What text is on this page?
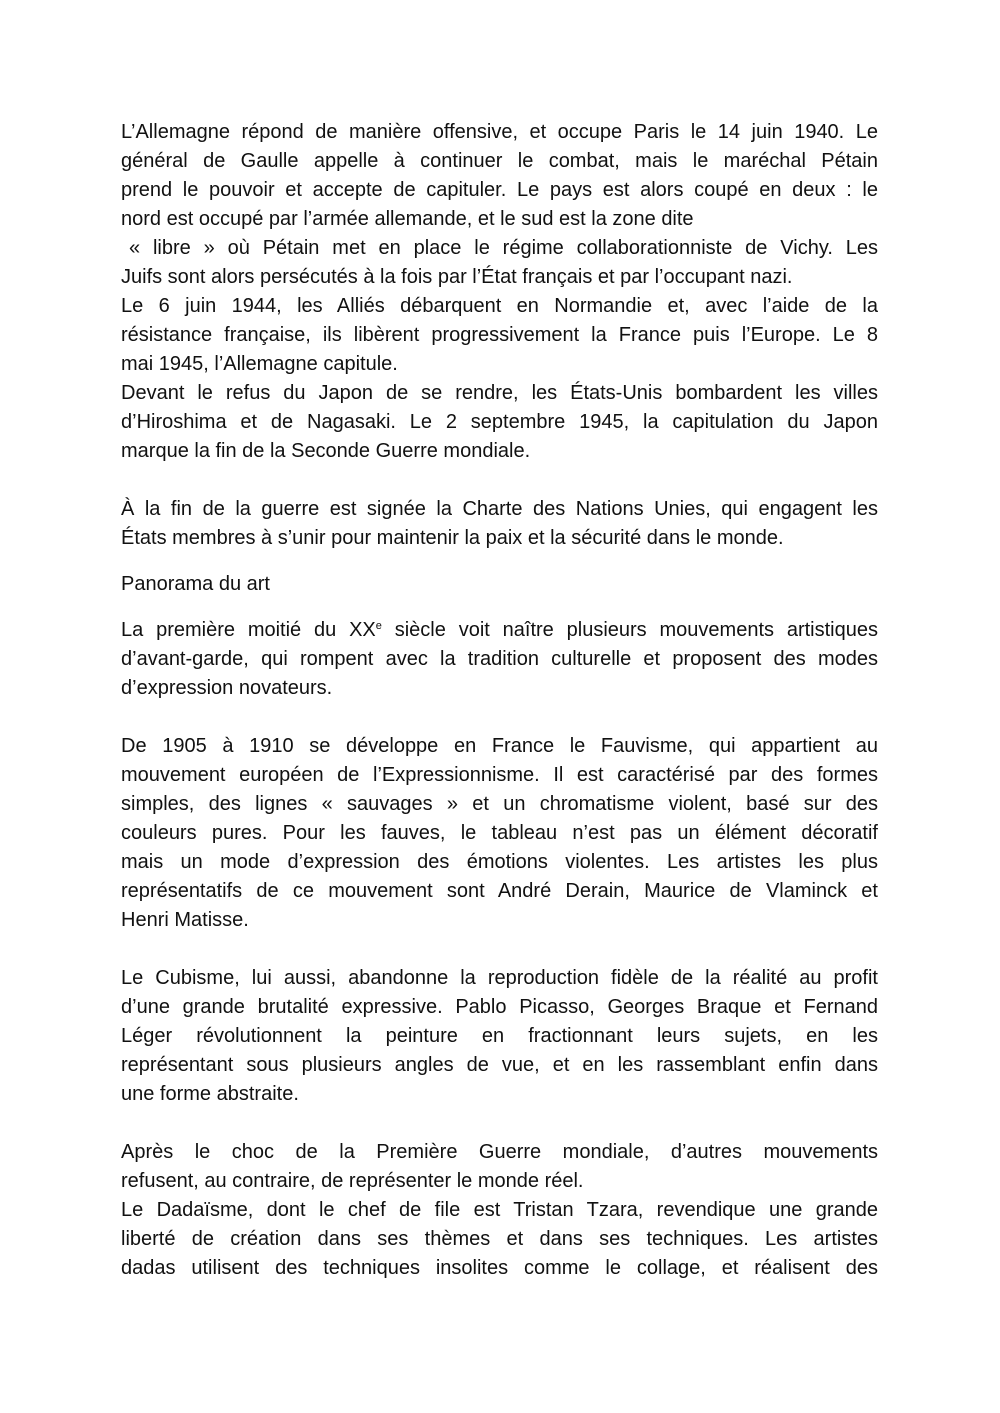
L’Allemagne répond de manière offensive, et occupe Paris le 14 juin 1940. Le
général de Gaulle appelle à continuer le combat, mais le maréchal Pétain
prend le pouvoir et accepte de capituler. Le pays est alors coupé en deux : le
nord est occupé par l’armée allemande, et le sud est la zone dite
« libre » où Pétain met en place le régime collaborationniste de Vichy. Les
Juifs sont alors persécutés à la fois par l’État français et par l’occupant nazi.
Le 6 juin 1944, les Alliés débarquent en Normandie et, avec l’aide de la
résistance française, ils libèrent progressivement la France puis l’Europe. Le 8
mai 1945, l’Allemagne capitule.
Devant le refus du Japon de se rendre, les États-Unis bombardent les villes
d’Hiroshima et de Nagasaki. Le 2 septembre 1945, la capitulation du Japon
marque la fin de la Seconde Guerre mondiale.
À la fin de la guerre est signée la Charte des Nations Unies, qui engagent les
États membres à s’unir pour maintenir la paix et la sécurité dans le monde.
Panorama du art
La première moitié du XXe siècle voit naître plusieurs mouvements artistiques
d’avant-garde, qui rompent avec la tradition culturelle et proposent des modes
d’expression novateurs.
De 1905 à 1910 se développe en France le Fauvisme, qui appartient au
mouvement européen de l’Expressionnisme. Il est caractérisé par des formes
simples, des lignes « sauvages » et un chromatisme violent, basé sur des
couleurs pures. Pour les fauves, le tableau n’est pas un élément décoratif
mais un mode d’expression des émotions violentes. Les artistes les plus
représentatifs de ce mouvement sont André Derain, Maurice de Vlaminck et
Henri Matisse.
Le Cubisme, lui aussi, abandonne la reproduction fidèle de la réalité au profit
d’une grande brutalité expressive. Pablo Picasso, Georges Braque et Fernand
Léger révolutionnent la peinture en fractionnant leurs sujets, en les
représentant sous plusieurs angles de vue, et en les rassemblant enfin dans
une forme abstraite.
Après le choc de la Première Guerre mondiale, d’autres mouvements
refusent, au contraire, de représenter le monde réel.
Le Dadaïsme, dont le chef de file est Tristan Tzara, revendique une grande
liberté de création dans ses thèmes et dans ses techniques. Les artistes
dadas utilisent des techniques insolites comme le collage, et réalisent des
